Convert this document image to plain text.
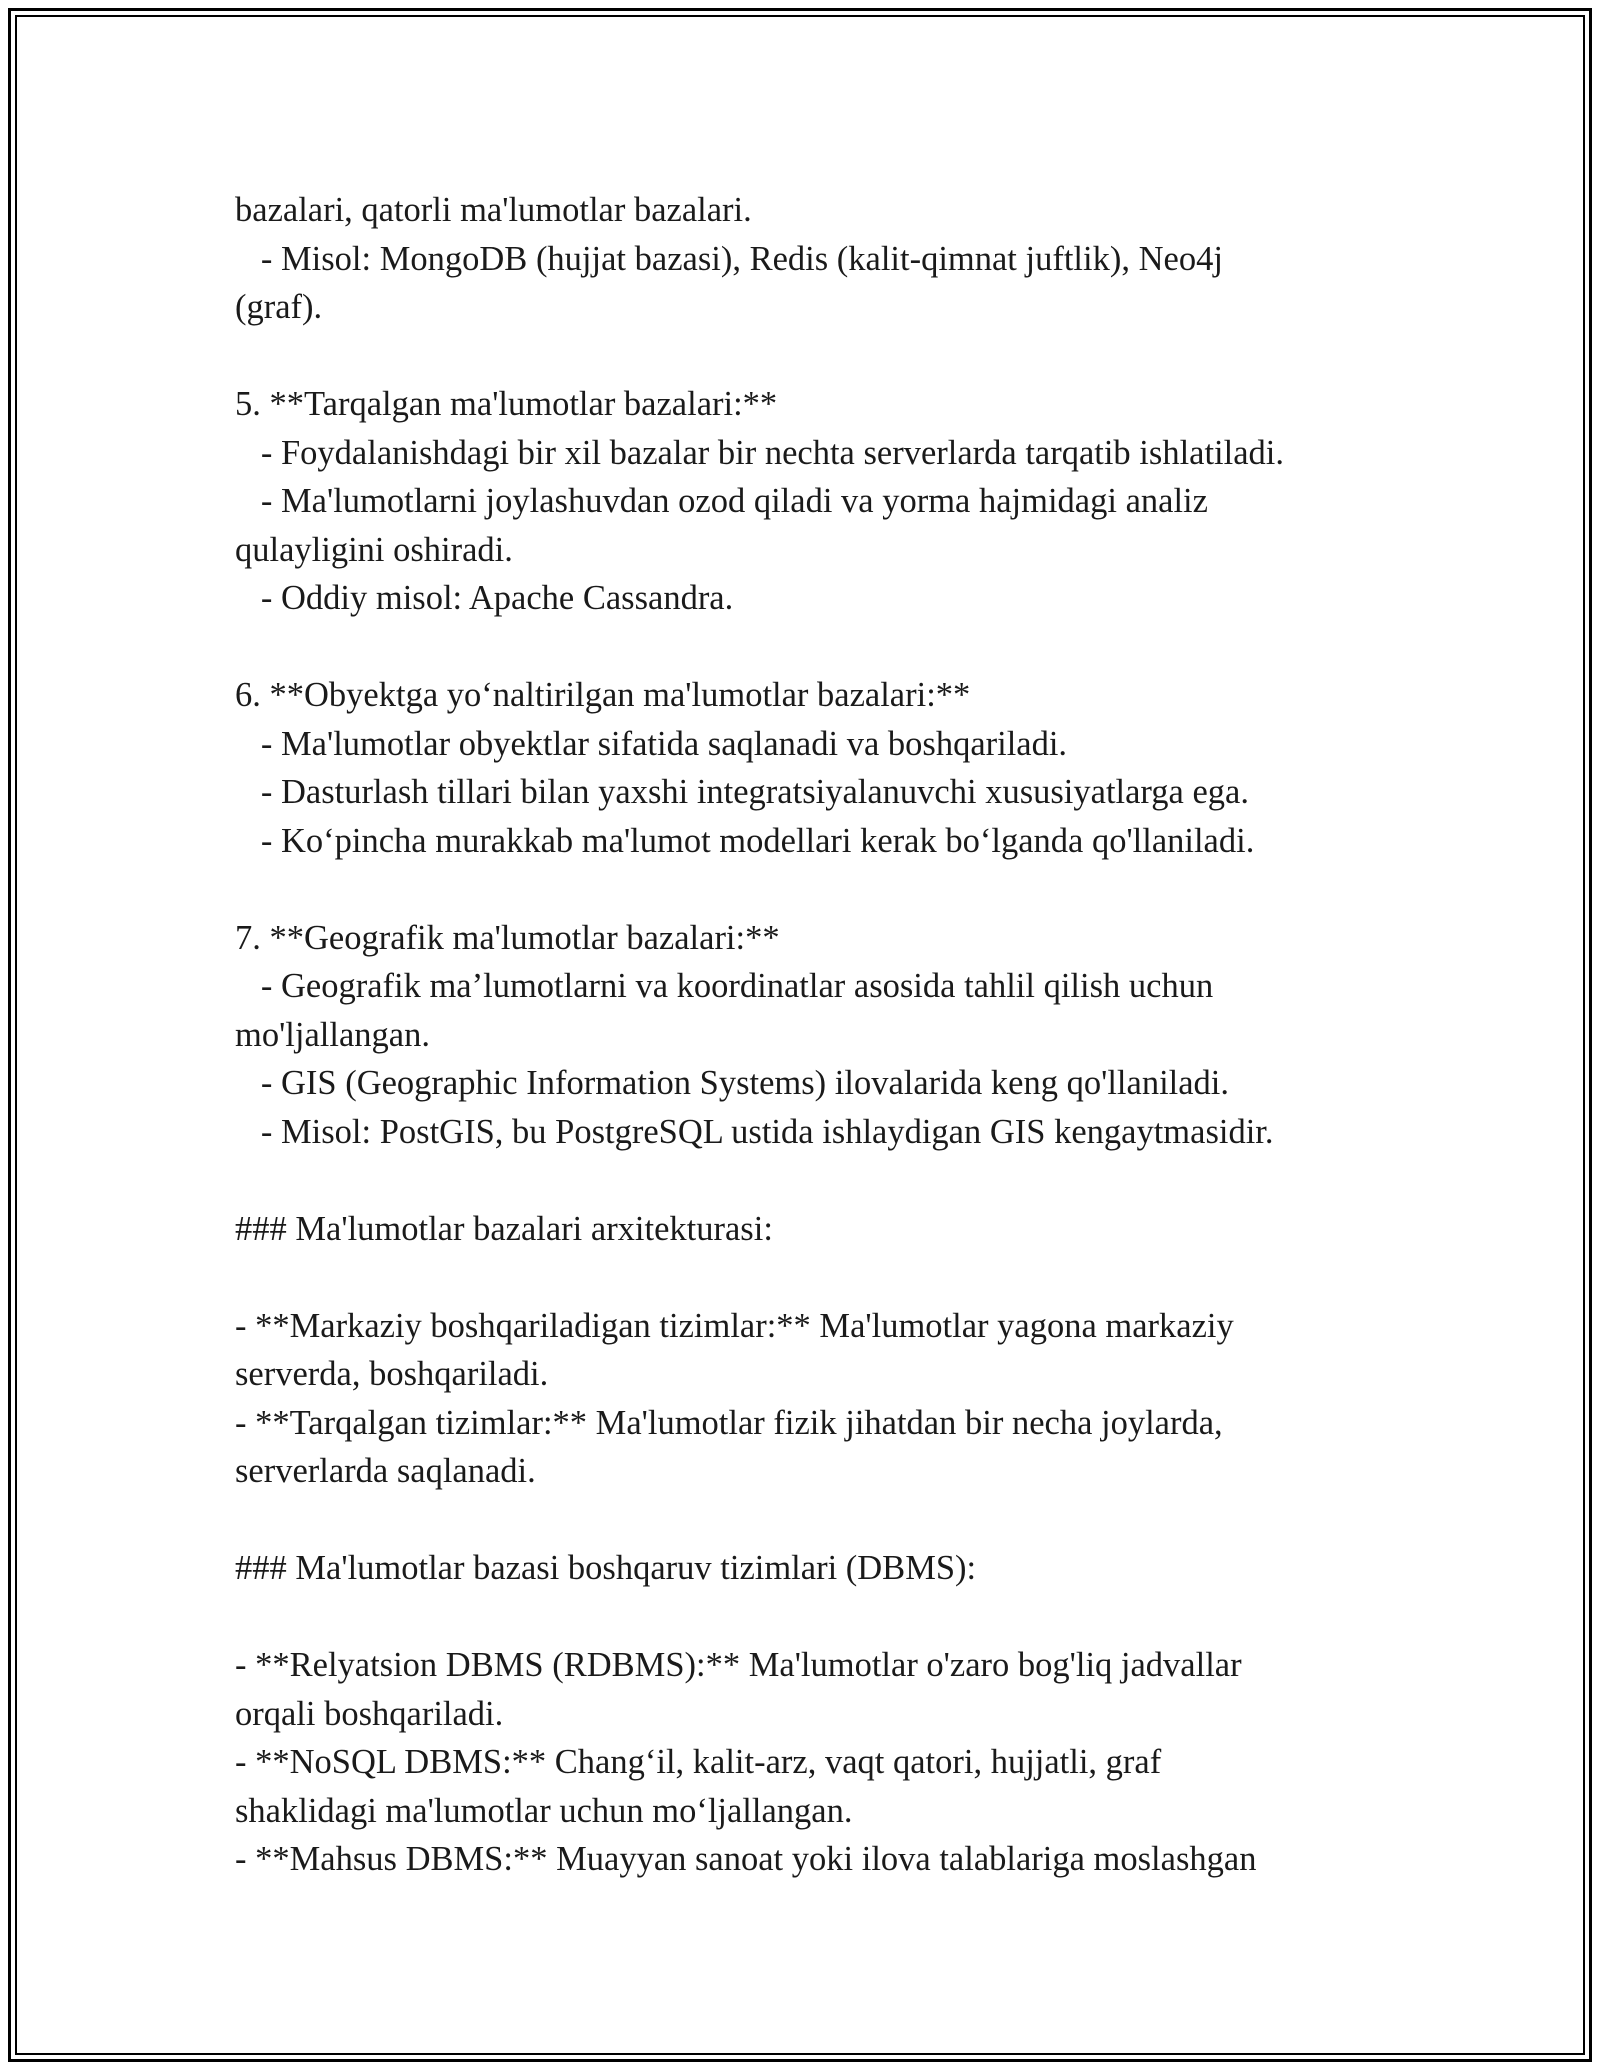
bazalari, qatorli ma'lumotlar bazalari.
- Misol: MongoDB (hujjat bazasi), Redis (kalit-qimnat juftlik), Neo4j
(graf).
5. **Tarqalgan ma'lumotlar bazalari:**
- Foydalanishdagi bir xil bazalar bir nechta serverlarda tarqatib ishlatiladi.
- Ma'lumotlarni joylashuvdan ozod qiladi va yorma hajmidagi analiz
qulayligini oshiradi.
- Oddiy misol: Apache Cassandra.
6. **Obyektga yo‘naltirilgan ma'lumotlar bazalari:**
- Ma'lumotlar obyektlar sifatida saqlanadi va boshqariladi.
- Dasturlash tillari bilan yaxshi integratsiyalanuvchi xususiyatlarga ega.
- Ko‘pincha murakkab ma'lumot modellari kerak bo‘lganda qo'llaniladi.
7. **Geografik ma'lumotlar bazalari:**
- Geografik ma’lumotlarni va koordinatlar asosida tahlil qilish uchun
mo'ljallangan.
- GIS (Geographic Information Systems) ilovalarida keng qo'llaniladi.
- Misol: PostGIS, bu PostgreSQL ustida ishlaydigan GIS kengaytmasidir.
### Ma'lumotlar bazalari arxitekturasi:
- **Markaziy boshqariladigan tizimlar:** Ma'lumotlar yagona markaziy
serverda, boshqariladi.
- **Tarqalgan tizimlar:** Ma'lumotlar fizik jihatdan bir necha joylarda,
serverlarda saqlanadi.
### Ma'lumotlar bazasi boshqaruv tizimlari (DBMS):
- **Relyatsion DBMS (RDBMS):** Ma'lumotlar o'zaro bog'liq jadvallar
orqali boshqariladi.
- **NoSQL DBMS:** Chang‘il, kalit-arz, vaqt qatori, hujjatli, graf
shaklidagi ma'lumotlar uchun mo‘ljallangan.
- **Mahsus DBMS:** Muayyan sanoat yoki ilova talablariga moslashgan
